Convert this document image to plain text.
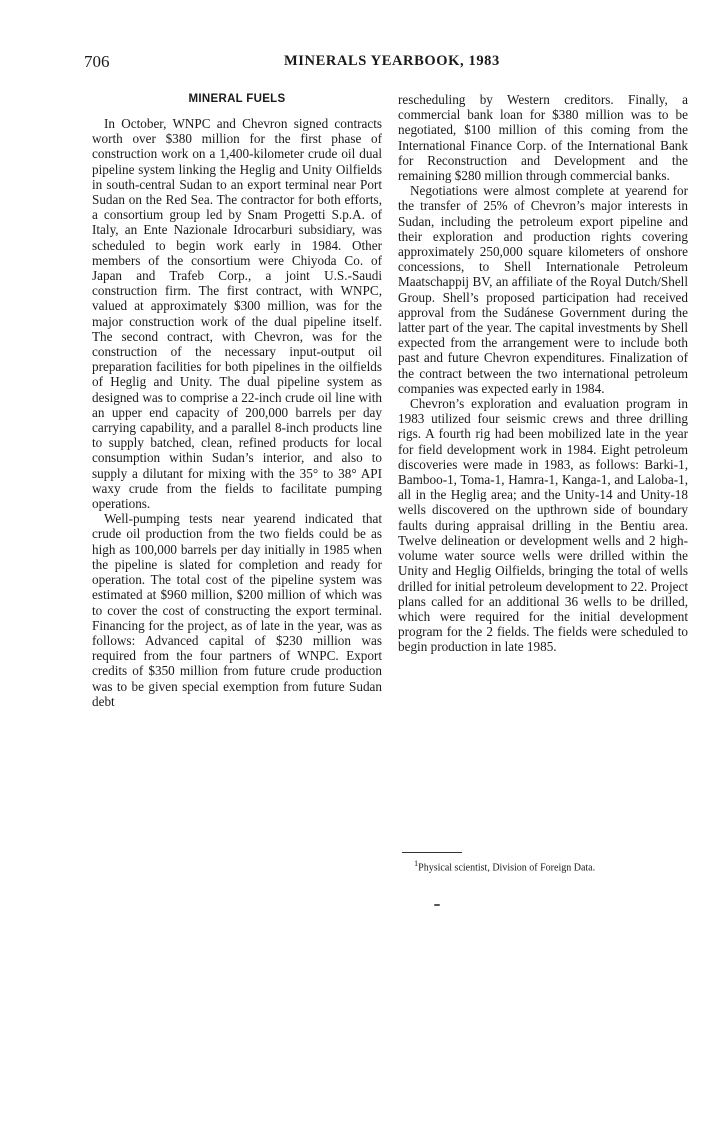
706	MINERALS YEARBOOK, 1983
MINERAL FUELS

In October, WNPC and Chevron signed contracts worth over $380 million for the first phase of construction work on a 1,400-kilometer crude oil dual pipeline system linking the Heglig and Unity Oilfields in south-central Sudan to an export terminal near Port Sudan on the Red Sea. The contractor for both efforts, a consortium group led by Snam Progetti S.p.A. of Italy, an Ente Nazionale Idrocarburi subsidiary, was scheduled to begin work early in 1984. Other members of the consortium were Chiyoda Co. of Japan and Trafeb Corp., a joint U.S.-Saudi construction firm. The first contract, with WNPC, valued at approximately $300 million, was for the major construction work of the dual pipeline itself. The second contract, with Chevron, was for the construction of the necessary input-output oil preparation facilities for both pipelines in the oilfields of Heglig and Unity. The dual pipeline system as designed was to comprise a 22-inch crude oil line with an upper end capacity of 200,000 barrels per day carrying capability, and a parallel 8-inch products line to supply batched, clean, refined products for local consumption within Sudan’s interior, and also to supply a dilutant for mixing with the 35° to 38° API waxy crude from the fields to facilitate pumping operations.

Well-pumping tests near yearend indicated that crude oil production from the two fields could be as high as 100,000 barrels per day initially in 1985 when the pipeline is slated for completion and ready for operation. The total cost of the pipeline system was estimated at $960 million, $200 million of which was to cover the cost of constructing the export terminal. Financing for the project, as of late in the year, was as follows: Advanced capital of $230 million was required from the four partners of WNPC. Export credits of $350 million from future crude production was to be given special exemption from future Sudan debt

rescheduling by Western creditors. Finally, a commercial bank loan for $380 million was to be negotiated, $100 million of this coming from the International Finance Corp. of the International Bank for Reconstruction and Development and the remaining $280 million through commercial banks.

Negotiations were almost complete at yearend for the transfer of 25% of Chevron’s major interests in Sudan, including the petroleum export pipeline and their exploration and production rights covering approximately 250,000 square kilometers of onshore concessions, to Shell Internationale Petroleum Maatschappij BV, an affiliate of the Royal Dutch/Shell Group. Shell’s proposed participation had received approval from the Sudánese Government during the latter part of the year. The capital investments by Shell expected from the arrangement were to include both past and future Chevron expenditures. Finalization of the contract between the two international petroleum companies was expected early in 1984.

Chevron’s exploration and evaluation program in 1983 utilized four seismic crews and three drilling rigs. A fourth rig had been mobilized late in the year for field development work in 1984. Eight petroleum discoveries were made in 1983, as follows: Barki-1, Bamboo-1, Toma-1, Hamra-1, Kanga-1, and Laloba-1, all in the Heglig area; and the Unity-14 and Unity-18 wells discovered on the upthrown side of boundary faults during appraisal drilling in the Bentiu area. Twelve delineation or development wells and 2 high-volume water source wells were drilled within the Unity and Heglig Oilfields, bringing the total of wells drilled for initial petroleum development to 22. Project plans called for an additional 36 wells to be drilled, which were required for the initial development program for the 2 fields. The fields were scheduled to begin production in late 1985.

$^1$Physical scientist, Division of Foreign Data.
